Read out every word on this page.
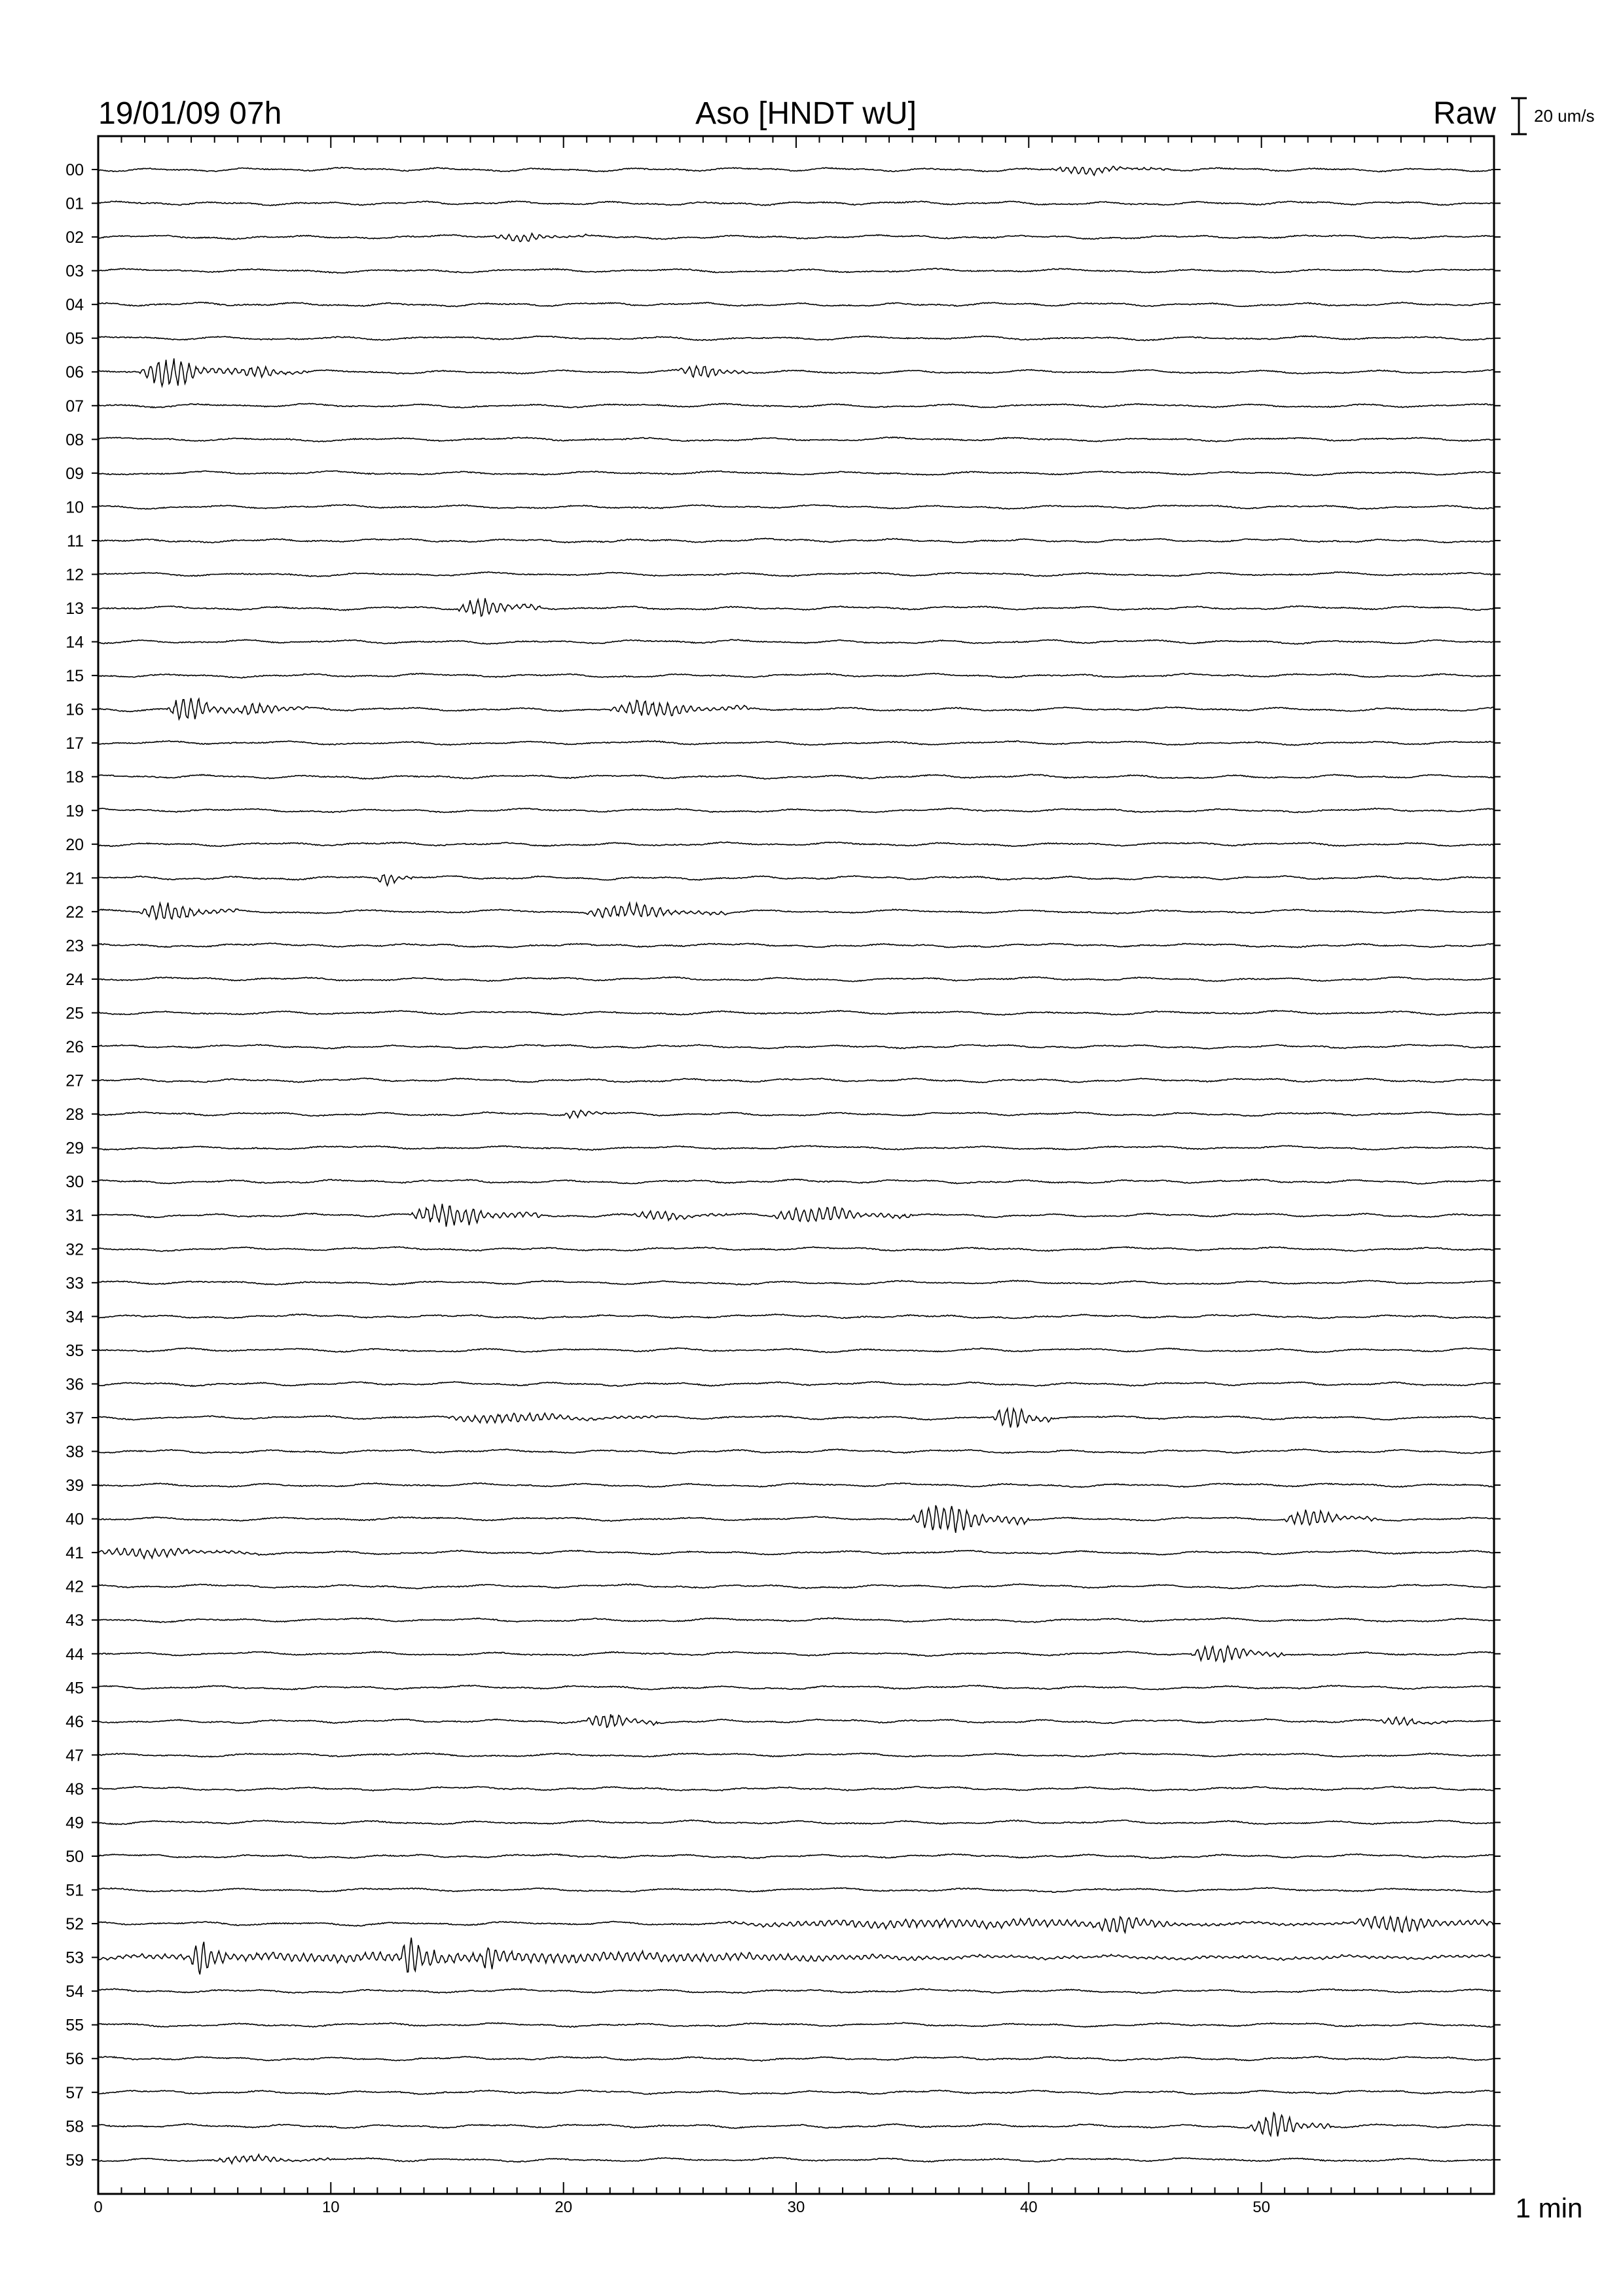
19/01/09 07h	Aso [HNDT wU]	Raw 20 um/s
00
01
02
03
04
05
06
07
08
09
10
11
12
13
14
15
16
17
18
19
20
21
22
23
24
25
26
27
28
29
30
31
32
33
34
35
36
37
38
39
40
41
42
43
44
45
46
47
48
49
50
51
52
53
54
55
56
57
58
59
0	10	20	30	40	50	1 min
